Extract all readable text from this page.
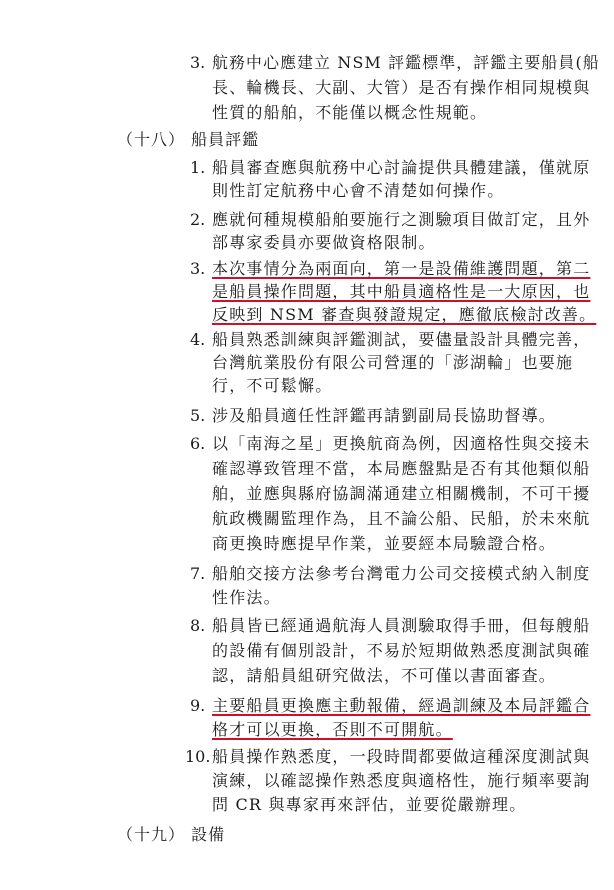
3. 航務中心應建立 NSM 評鑑標準，評鑑主要船員(船
長、輪機長、大副、大管）是否有操作相同規模與
性質的船舶，不能僅以概念性規範。
（十八） 船員評鑑
1. 船員審查應與航務中心討論提供具體建議，僅就原
則性訂定航務中心會不清楚如何操作。
2. 應就何種規模船舶要施行之測驗項目做訂定，且外
部專家委員亦要做資格限制。
3. 本次事情分為兩面向，第一是設備維護問題，第二
是船員操作問題，其中船員適格性是一大原因，也
反映到 NSM 審查與發證規定，應徹底檢討改善。
4. 船員熟悉訓練與評鑑測試，要儘量設計具體完善，
台灣航業股份有限公司營運的「澎湖輪」也要施
行，不可鬆懈。
5. 涉及船員適任性評鑑再請劉副局長協助督導。
6. 以「南海之星」更換航商為例，因適格性與交接未
確認導致管理不當，本局應盤點是否有其他類似船
舶，並應與縣府協調滿通建立相關機制，不可干擾
航政機關監理作為，且不論公船、民船，於未來航
商更換時應提早作業，並要經本局驗證合格。
7. 船舶交接方法參考台灣電力公司交接模式納入制度
性作法。
8. 船員皆已經通過航海人員測驗取得手冊，但每艘船
的設備有個別設計，不易於短期做熟悉度測試與確
認，請船員組研究做法，不可僅以書面審查。
9. 主要船員更換應主動報備，經過訓練及本局評鑑合
格才可以更換，否則不可開航。
10. 船員操作熟悉度，一段時間都要做這種深度測試與
演練，以確認操作熟悉度與適格性，施行頻率要詢
問 CR 與專家再來評估，並要從嚴辦理。
（十九） 設備
